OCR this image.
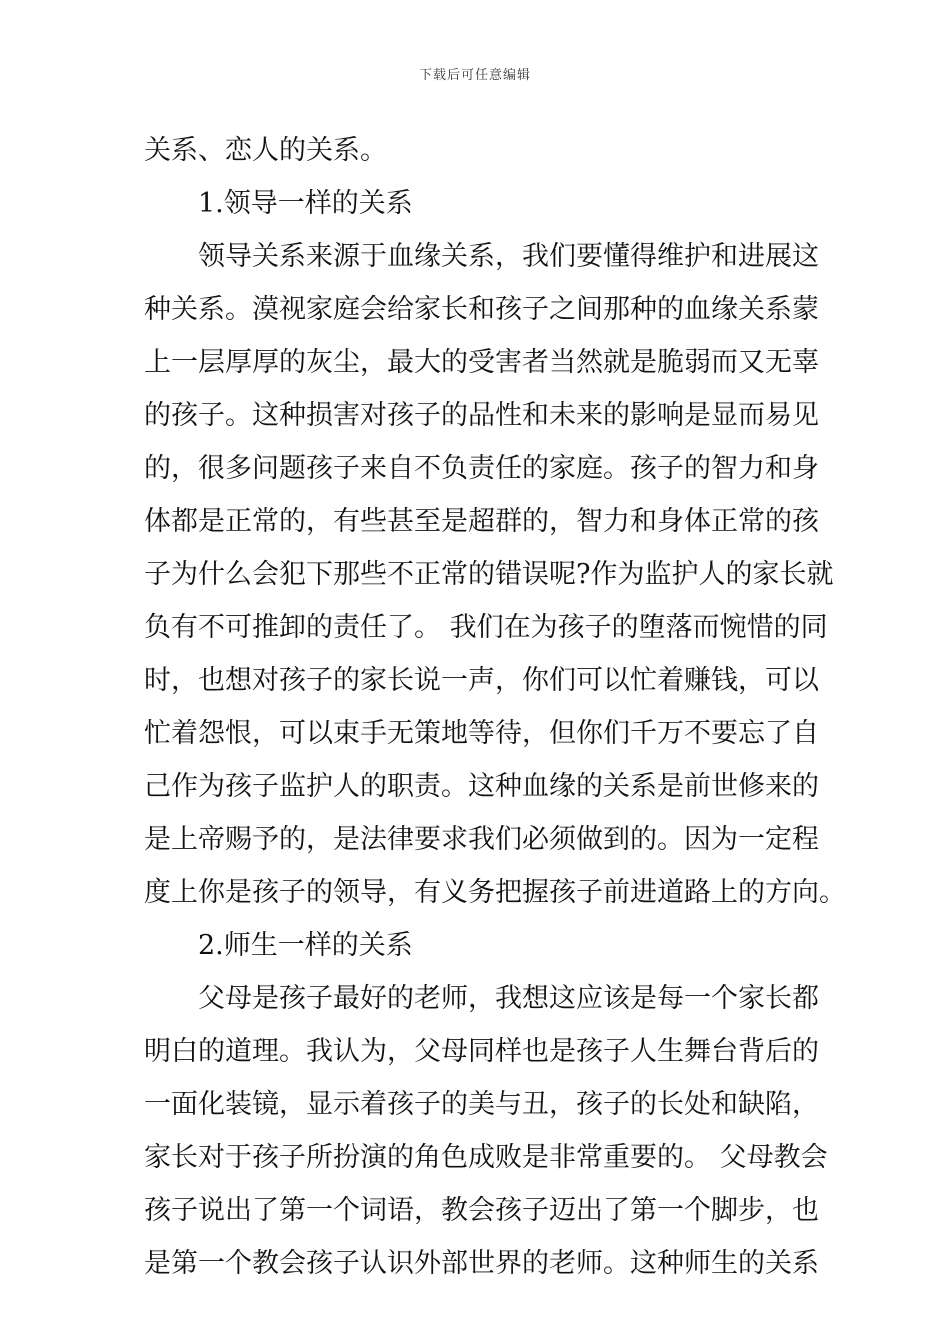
下载后可任意编辑
关系、恋人的关系。
1.领导一样的关系
领导关系来源于血缘关系，我们要懂得维护和进展这
种关系。漠视家庭会给家长和孩子之间那种的血缘关系蒙
上一层厚厚的灰尘，最大的受害者当然就是脆弱而又无辜
的孩子。这种损害对孩子的品性和未来的影响是显而易见
的，很多问题孩子来自不负责任的家庭。孩子的智力和身
体都是正常的，有些甚至是超群的，智力和身体正常的孩
子为什么会犯下那些不正常的错误呢?作为监护人的家长就
负有不可推卸的责任了。 我们在为孩子的堕落而惋惜的同
时，也想对孩子的家长说一声，你们可以忙着赚钱，可以
忙着怨恨，可以束手无策地等待，但你们千万不要忘了自
己作为孩子监护人的职责。这种血缘的关系是前世修来的
是上帝赐予的，是法律要求我们必须做到的。因为一定程
度上你是孩子的领导，有义务把握孩子前进道路上的方向。
2.师生一样的关系
父母是孩子最好的老师，我想这应该是每一个家长都
明白的道理。我认为，父母同样也是孩子人生舞台背后的
一面化装镜，显示着孩子的美与丑，孩子的长处和缺陷，
家长对于孩子所扮演的角色成败是非常重要的。 父母教会
孩子说出了第一个词语，教会孩子迈出了第一个脚步，也
是第一个教会孩子认识外部世界的老师。这种师生的关系
